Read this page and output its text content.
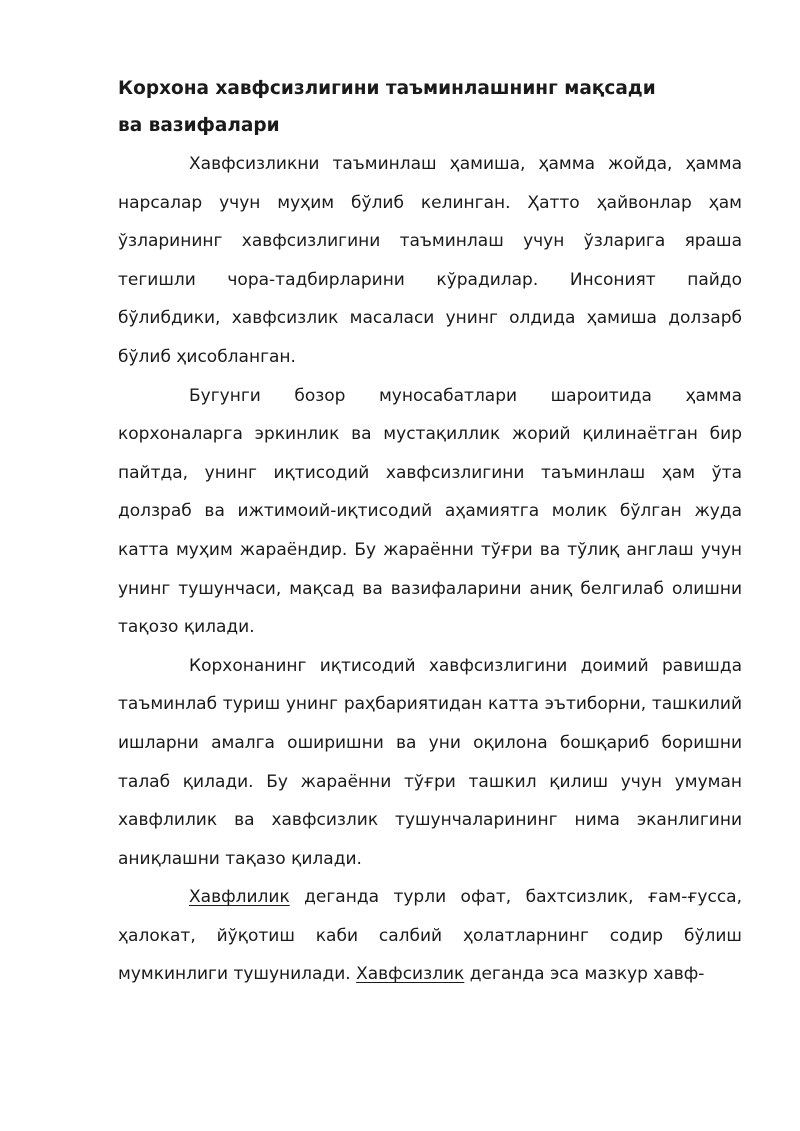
Корхона хавфсизлигини таъминлашнинг мақсади ва вазифалари

Хавфсизликни таъминлаш ҳамиша, ҳамма жойда, ҳамма нарсалар учун муҳим бўлиб келинган. Ҳатто ҳайвонлар ҳам ўзларининг хавфсизлигини таъминлаш учун ўзларига яраша тегишли чора-тадбирларини кўрадилар. Инсоният пайдо бўлибдики, хавфсизлик масаласи унинг олдида ҳамиша долзарб бўлиб ҳисобланган.

Бугунги бозор муносабатлари шароитида ҳамма корхоналарга эркинлик ва мустақиллик жорий қилинаётган бир пайтда, унинг иқтисодий хавфсизлигини таъминлаш ҳам ўта долзраб ва ижтимоий-иқтисодий аҳамиятга молик бўлган жуда катта муҳим жараёндир. Бу жараённи тўғри ва тўлиқ англаш учун унинг тушунчаси, мақсад ва вазифаларини аниқ белгилаб олишни тақозо қилади.

Корхонанинг иқтисодий хавфсизлигини доимий равишда таъминлаб туриш унинг раҳбариятидан катта эътиборни, ташкилий ишларни амалга оширишни ва уни оқилона бошқариб боришни талаб қилади. Бу жараённи тўғри ташкил қилиш учун умуман хавфлилик ва хавфсизлик тушунчаларининг нима эканлигини аниқлашни тақазо қилади.

Хавфлилик деганда турли офат, бахтсизлик, ғам-ғусса, ҳалокат, йўқотиш каби салбий ҳолатларнинг содир бўлиш мумкинлиги тушунилади. Хавфсизлик деганда эса мазкур хавф-
